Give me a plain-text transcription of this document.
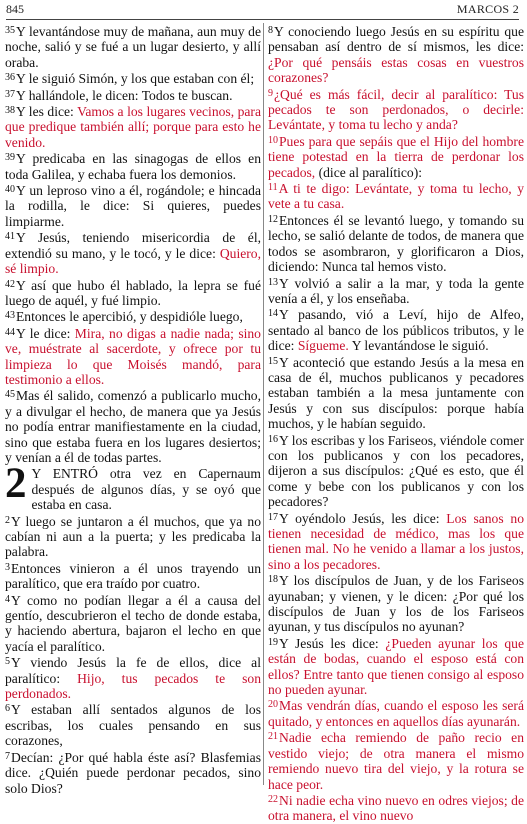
845	MARCOS 2

$^{35}$Y levantándose muy de mañana, aun muy de noche, salió y se fué a un lugar desierto, y allí oraba.

$^{36}$Y le siguió Simón, y los que estaban con él;

$^{37}$Y hallándole, le dicen: Todos te buscan.

$^{38}$Y les dice: Vamos a los lugares vecinos, para que predique también allí; porque para esto he venido.

$^{39}$Y predicaba en las sinagogas de ellos en toda Galilea, y echaba fuera los demonios.

$^{40}$Y un leproso vino a él, rogándole; e hincada la rodilla, le dice: Si quieres, puedes limpiarme.

$^{41}$Y Jesús, teniendo misericordia de él, extendió su mano, y le tocó, y le dice: Quiero, sé limpio.

$^{42}$Y así que hubo él hablado, la lepra se fué luego de aquél, y fué limpio.

$^{43}$Entonces le apercibió, y despidióle luego,

$^{44}$Y le dice: Mira, no digas a nadie nada; sino ve, muéstrate al sacerdote, y ofrece por tu limpieza lo que Moisés mandó, para testimonio a ellos.

$^{45}$Mas él salido, comenzó a publicarlo mucho, y a divulgar el hecho, de manera que ya Jesús no podía entrar manifiestamente en la ciudad, sino que estaba fuera en los lugares desiertos; y venían a él de todas partes.

2 Y ENTRÓ otra vez en Capernaum después de algunos días, y se oyó que estaba en casa.

$^2$Y luego se juntaron a él muchos, que ya no cabían ni aun a la puerta; y les predicaba la palabra.

$^3$Entonces vinieron a él unos trayendo un paralítico, que era traído por cuatro.

$^4$Y como no podían llegar a él a causa del gentío, descubrieron el techo de donde estaba, y haciendo abertura, bajaron el lecho en que yacía el paralítico.

$^5$Y viendo Jesús la fe de ellos, dice al paralítico: Hijo, tus pecados te son perdonados.

$^6$Y estaban allí sentados algunos de los escribas, los cuales pensando en sus corazones,

$^7$Decían: ¿Por qué habla éste así? Blasfemias dice. ¿Quién puede perdonar pecados, sino solo Dios?

$^8$Y conociendo luego Jesús en su espíritu que pensaban así dentro de sí mismos, les dice: ¿Por qué pensáis estas cosas en vuestros corazones?

$^9$¿Qué es más fácil, decir al paralítico: Tus pecados te son perdonados, o decirle: Levántate, y toma tu lecho y anda?

$^{10}$Pues para que sepáis que el Hijo del hombre tiene potestad en la tierra de perdonar los pecados, (dice al paralítico):

$^{11}$A ti te digo: Levántate, y toma tu lecho, y vete a tu casa.

$^{12}$Entonces él se levantó luego, y tomando su lecho, se salió delante de todos, de manera que todos se asombraron, y glorificaron a Dios, diciendo: Nunca tal hemos visto.

$^{13}$Y volvió a salir a la mar, y toda la gente venía a él, y los enseñaba.

$^{14}$Y pasando, vió a Leví, hijo de Alfeo, sentado al banco de los públicos tributos, y le dice: Sígueme. Y levantándose le siguió.

$^{15}$Y aconteció que estando Jesús a la mesa en casa de él, muchos publicanos y pecadores estaban también a la mesa juntamente con Jesús y con sus discípulos: porque había muchos, y le habían seguido.

$^{16}$Y los escribas y los Fariseos, viéndole comer con los publicanos y con los pecadores, dijeron a sus discípulos: ¿Qué es esto, que él come y bebe con los publicanos y con los pecadores?

$^{17}$Y oyéndolo Jesús, les dice: Los sanos no tienen necesidad de médico, mas los que tienen mal. No he venido a llamar a los justos, sino a los pecadores.

$^{18}$Y los discípulos de Juan, y de los Fariseos ayunaban; y vienen, y le dicen: ¿Por qué los discípulos de Juan y los de los Fariseos ayunan, y tus discípulos no ayunan?

$^{19}$Y Jesús les dice: ¿Pueden ayunar los que están de bodas, cuando el esposo está con ellos? Entre tanto que tienen consigo al esposo no pueden ayunar.

$^{20}$Mas vendrán días, cuando el esposo les será quitado, y entonces en aquellos días ayunarán.

$^{21}$Nadie echa remiendo de paño recio en vestido viejo; de otra manera el mismo remiendo nuevo tira del viejo, y la rotura se hace peor.

$^{22}$Ni nadie echa vino nuevo en odres viejos; de otra manera, el vino nuevo
